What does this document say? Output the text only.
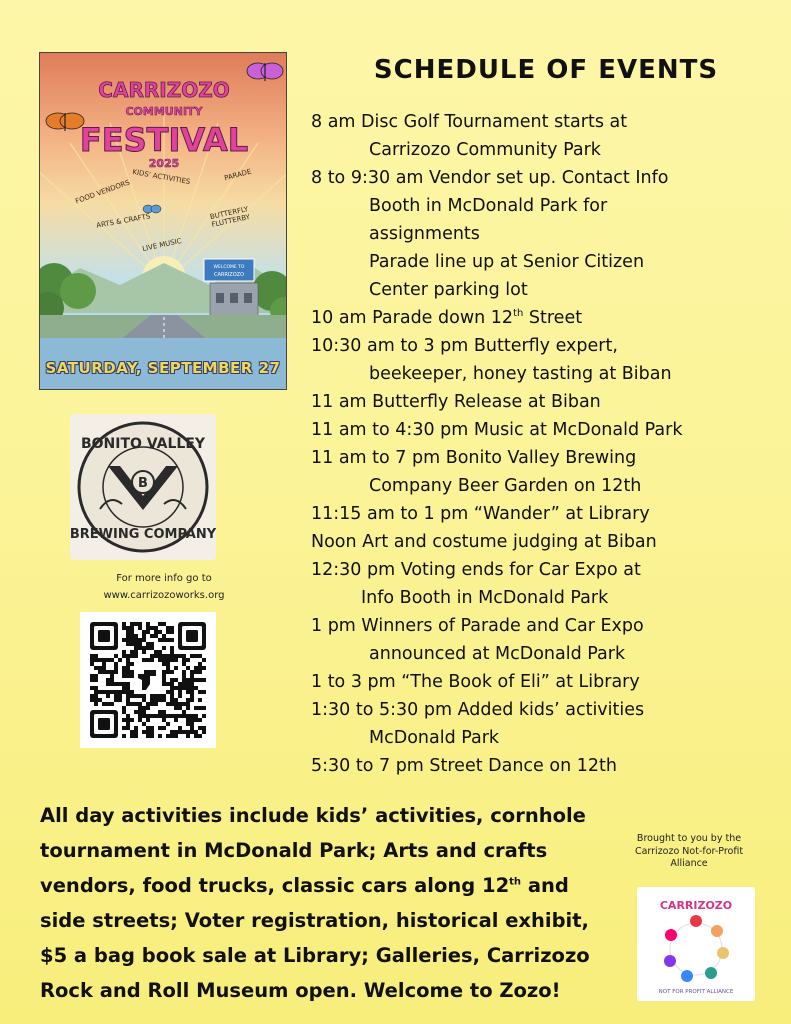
WELCOME TO
CARRIZOZO
CARRIZOZO
COMMUNITY
FESTIVAL
2025
FOOD VENDORS
KIDS' ACTIVITIES	PARADE
ARTS & CRAFTS	BUTTERFLY FLUTTERBY
LIVE MUSIC
SATURDAY, SEPTEMBER 27
BONITO VALLEY
BREWING COMPANY
B
For more info go to
www.carrizozoworks.org
SCHEDULE OF EVENTS
8 am Disc Golf Tournament starts at
Carrizozo Community Park
8 to 9:30 am Vendor set up. Contact Info
Booth in McDonald Park for
assignments
Parade line up at Senior Citizen
Center parking lot
10 am Parade down 12th Street
10:30 am to 3 pm Butterfly expert,
beekeeper, honey tasting at Biban
11 am Butterfly Release at Biban
11 am to 4:30 pm Music at McDonald Park
11 am to 7 pm Bonito Valley Brewing
Company Beer Garden on 12th
11:15 am to 1 pm “Wander” at Library
Noon Art and costume judging at Biban
12:30 pm Voting ends for Car Expo at
Info Booth in McDonald Park
1 pm Winners of Parade and Car Expo
announced at McDonald Park
1 to 3 pm “The Book of Eli” at Library
1:30 to 5:30 pm Added kids’ activities
McDonald Park
5:30 to 7 pm Street Dance on 12th
All day activities include kids’ activities, cornhole
tournament in McDonald Park; Arts and crafts
vendors, food trucks, classic cars along 12th and
side streets; Voter registration, historical exhibit,
$5 a bag book sale at Library; Galleries, Carrizozo
Rock and Roll Museum open. Welcome to Zozo!
Brought to you by the
Carrizozo Not-for-Profit
Alliance
CARRIZOZO
NOT FOR PROFIT ALLIANCE
